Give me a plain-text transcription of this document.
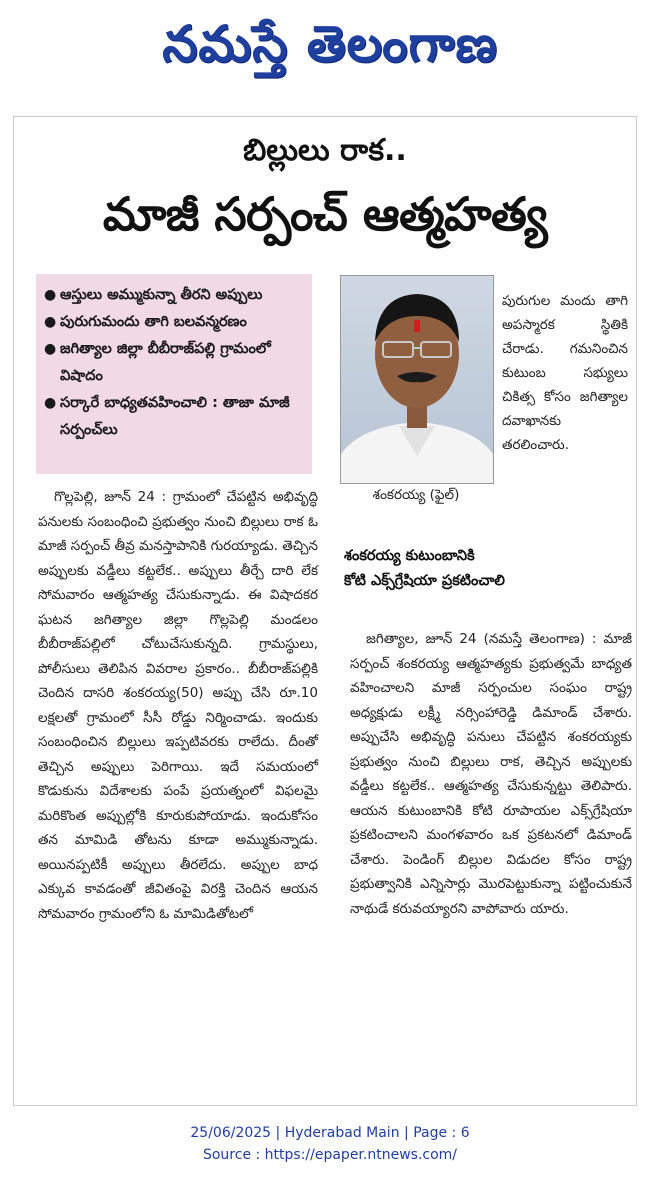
నమస్తే తెలంగాణ
బిల్లులు రాక..
మాజీ సర్పంచ్ ఆత్మహత్య
● ఆస్తులు అమ్ముకున్నా తీరని అప్పులు
● పురుగుమందు తాగి బలవన్మరణం
● జగిత్యాల జిల్లా బీబీరాజ్‌పల్లి గ్రామంలో విషాదం
● సర్కారే బాధ్యతవహించాలి : తాజా మాజీ సర్పంచ్‌లు
శంకరయ్య (ఫైల్)

పురుగుల మందు తాగి అపస్మారక స్థితికి చేరాడు. గమనించిన కుటుంబ సభ్యులు చికిత్స కోసం జగిత్యాల దవాఖానకు తరలించారు.

గొల్లపెల్లి, జూన్ 24 : గ్రామంలో చేపట్టిన అభివృద్ధి పనులకు సంబంధించి ప్రభుత్వం నుంచి బిల్లులు రాక ఓ మాజీ సర్పంచ్ తీవ్ర మనస్తాపానికి గురయ్యాడు. తెచ్చిన అప్పులకు వడ్డీలు కట్టలేక.. అప్పులు తీర్చే దారి లేక సోమవారం ఆత్మహత్య చేసుకున్నాడు. ఈ విషాదకర ఘటన జగిత్యాల జిల్లా గొల్లపెల్లి మండలం బీబీరాజ్‌పల్లిలో చోటుచేసుకున్నది. గ్రామస్థులు, పోలీసులు తెలిపిన వివరాల ప్రకారం.. బీబీరాజ్‌పల్లికి చెందిన దాసరి శంకరయ్య(50) అప్పు చేసి రూ.10 లక్షలతో గ్రామంలో సీసీ రోడ్డు నిర్మించాడు. ఇందుకు సంబంధించిన బిల్లులు ఇప్పటివరకు రాలేదు. దీంతో తెచ్చిన అప్పులు పెరిగాయి. ఇదే సమయంలో కొడుకును విదేశాలకు పంపే ప్రయత్నంలో విఫలమై మరికొంత అప్పుల్లోకి కూరుకుపోయాడు. ఇందుకోసం తన మామిడి తోటను కూడా అమ్ముకున్నాడు. అయినప్పటికీ అప్పులు తీరలేదు. అప్పుల బాధ ఎక్కువ కావడంతో జీవితంపై విరక్తి చెందిన ఆయన సోమవారం గ్రామంలోని ఓ మామిడితోటలో

శంకరయ్య కుటుంబానికి
కోటి ఎక్స్‌గ్రేషియా ప్రకటించాలి

జగిత్యాల, జూన్ 24 (నమస్తే తెలంగాణ) : మాజీ సర్పంచ్ శంకరయ్య ఆత్మహత్యకు ప్రభుత్వమే బాధ్యత వహించాలని మాజీ సర్పంచుల సంఘం రాష్ట్ర అధ్యక్షుడు లక్ష్మీ నర్సింహారెడ్డి డిమాండ్ చేశారు. అప్పుచేసి అభివృద్ధి పనులు చేపట్టిన శంకరయ్యకు ప్రభుత్వం నుంచి బిల్లులు రాక, తెచ్చిన అప్పులకు వడ్డీలు కట్టలేక.. ఆత్మహత్య చేసుకున్నట్టు తెలిపారు. ఆయన కుటుంబానికి కోటి రూపాయల ఎక్స్‌గ్రేషియా ప్రకటించాలని మంగళవారం ఒక ప్రకటనలో డిమాండ్ చేశారు. పెండింగ్ బిల్లుల విడుదల కోసం రాష్ట్ర ప్రభుత్వానికి ఎన్నిసార్లు మొరపెట్టుకున్నా పట్టించుకునే నాథుడే కరువయ్యారని వాపోవారు యారు.

25/06/2025 | Hyderabad Main | Page : 6
Source : https://epaper.ntnews.com/
